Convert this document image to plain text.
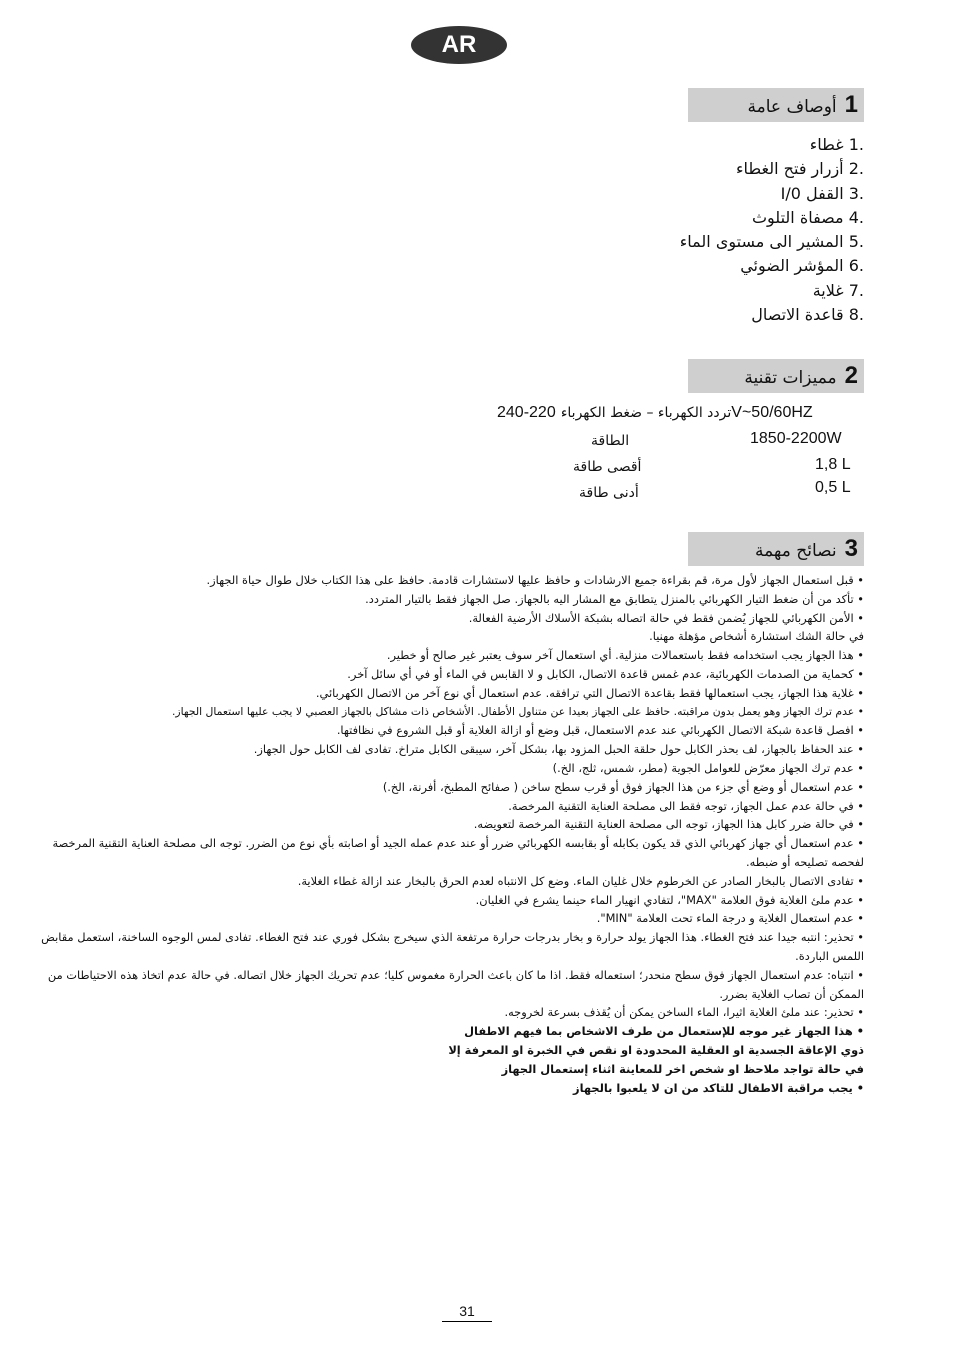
AR
1أوصاف عامة
.1 غطاء
.2 أزرار فتح الغطاء
.3 القفل 0/I
.4 مصفاة التلوث
.5 المشير الى مستوى الماء
.6 المؤشر الضوئي
.7 غلاية
.8 قاعدة الاتصال
2مميزات تقنية
تردد الكهرباء – ضغط الكهرباء 220-240V~50/60HZ
الطاقة	1850-2200W
أقصى طاقة	1,8 L
أدنى طاقة	0,5 L
3نصائح مهمة
• قبل استعمال الجهاز لأول مرة، قم بقراءة جميع الارشادات و حافظ عليها لاستشارات قادمة. حافظ على هذا الكتاب خلال طوال حياة الجهاز.
• تأكد من أن ضغط التيار الكهربائي بالمنزل يتطابق مع المشار اليه بالجهاز. صل الجهاز فقط بالتيار المتردد.
• الأمن الكهربائي للجهاز يُضمن فقط في حالة اتصاله بشبكة الأسلاك الأرضية الفعالة.
في حالة الشك استشارة أشخاص مؤهلة مهنيا.
• هذا الجهاز يجب استخدامه فقط باستعمالات منزلية. أي استعمال آخر سوف يعتبر غير صالح أو خطير.
• كحماية من الصدمات الكهربائية، عدم غمس قاعدة الاتصال، الكابل و لا القابس في الماء أو في أي سائل آخر.
• غلاية هذا الجهاز، يجب استعمالها فقط بقاعدة الاتصال التي ترافقه. عدم استعمال أي نوع آخر من الاتصال الكهربائي.
• عدم ترك الجهاز وهو يعمل بدون مراقبته. حافظ على الجهاز بعيدا عن متناول الأطفال. الأشخاص ذات مشاكل بالجهاز العصبي لا يجب عليها استعمال الجهاز.
• افصل قاعدة شبكة الاتصال الكهربائي عند عدم الاستعمال، قبل وضع أو ازالة الغلاية أو قبل الشروع في نظافتها.
• عند الحفاظ بالجهاز، لف بحذر الكابل حول حلقة الحبل المزود بها، بشكل آخر، سيبقى الكابل متراخ. تفادى لف الكابل حول الجهاز.
• عدم ترك الجهاز معرّض للعوامل الجوية (مطر، شمس، ثلج، الخ.)
• عدم استعمال أو وضع أي جزء من هذا الجهاز فوق أو قرب سطح ساخن ( صفائح المطبخ، أفرنة، الخ.)
• في حالة عدم عمل الجهاز، توجه فقط الى مصلحة العناية التقنية المرخصة.
• في حالة ضرر كابل هذا الجهاز، توجه الى مصلحة العناية التقنية المرخصة لتعويضه.
• عدم استعمال أي جهاز كهربائي الذي قد يكون بكابله أو بقابسه الكهربائي ضرر أو عند عدم عمله الجيد أو اصابته بأي نوع من الضرر. توجه الى مصلحة العناية التقنية المرخصة لفحصه تصليحه أو ضبطه.
• تفادى الاتصال بالبخار الصادر عن الخرطوم خلال غليان الماء. وضع كل الانتباه لعدم الحرق بالبخار عند ازالة غطاء الغلاية.
• عدم ملئ الغلاية فوق العلامة "MAX"، لتفادي انهيار الماء حينما يشرع في الغليان.
• عدم استعمال الغلاية و درجة الماء تحت العلامة "MIN".
• تحذير: انتبه جيدا عند فتح الغطاء. هذا الجهاز يولد حرارة و بخار بدرجات حرارة مرتفعة الذي سيخرج بشكل فوري عند فتح الغطاء. تفادى لمس الوجوه الساخنة، استعمل مقابض اللمس الباردة.
• انتباه: عدم استعمال الجهاز فوق سطح منحدر؛ استعماله فقط. اذا ما كان باعث الحرارة مغموس كليا؛ عدم تحريك الجهاز خلال اتصاله. في حالة عدم اتخاذ هذه الاحتياطات من الممكن أن تصاب الغلاية بضرر.
• تحذير: عند ملئ الغلاية اثيرا، الماء الساخن يمكن أن يُقذف بسرعة لخروجه.
• هذا الجهاز غير موجه للإستعمال من طرف الاشخاص بما فيهم الاطفال ذوي الإعاقة الجسدية او العقلية المحدودة او نقص في الخبرة او المعرفة إلا في حالة تواجد ملاحظ او شخص اخر للمعاينة اثناء إستعمال الجهاز
• يجب مراقبة الاطفال للتاكد من ان لا يلعبوا بالجهاز
31
